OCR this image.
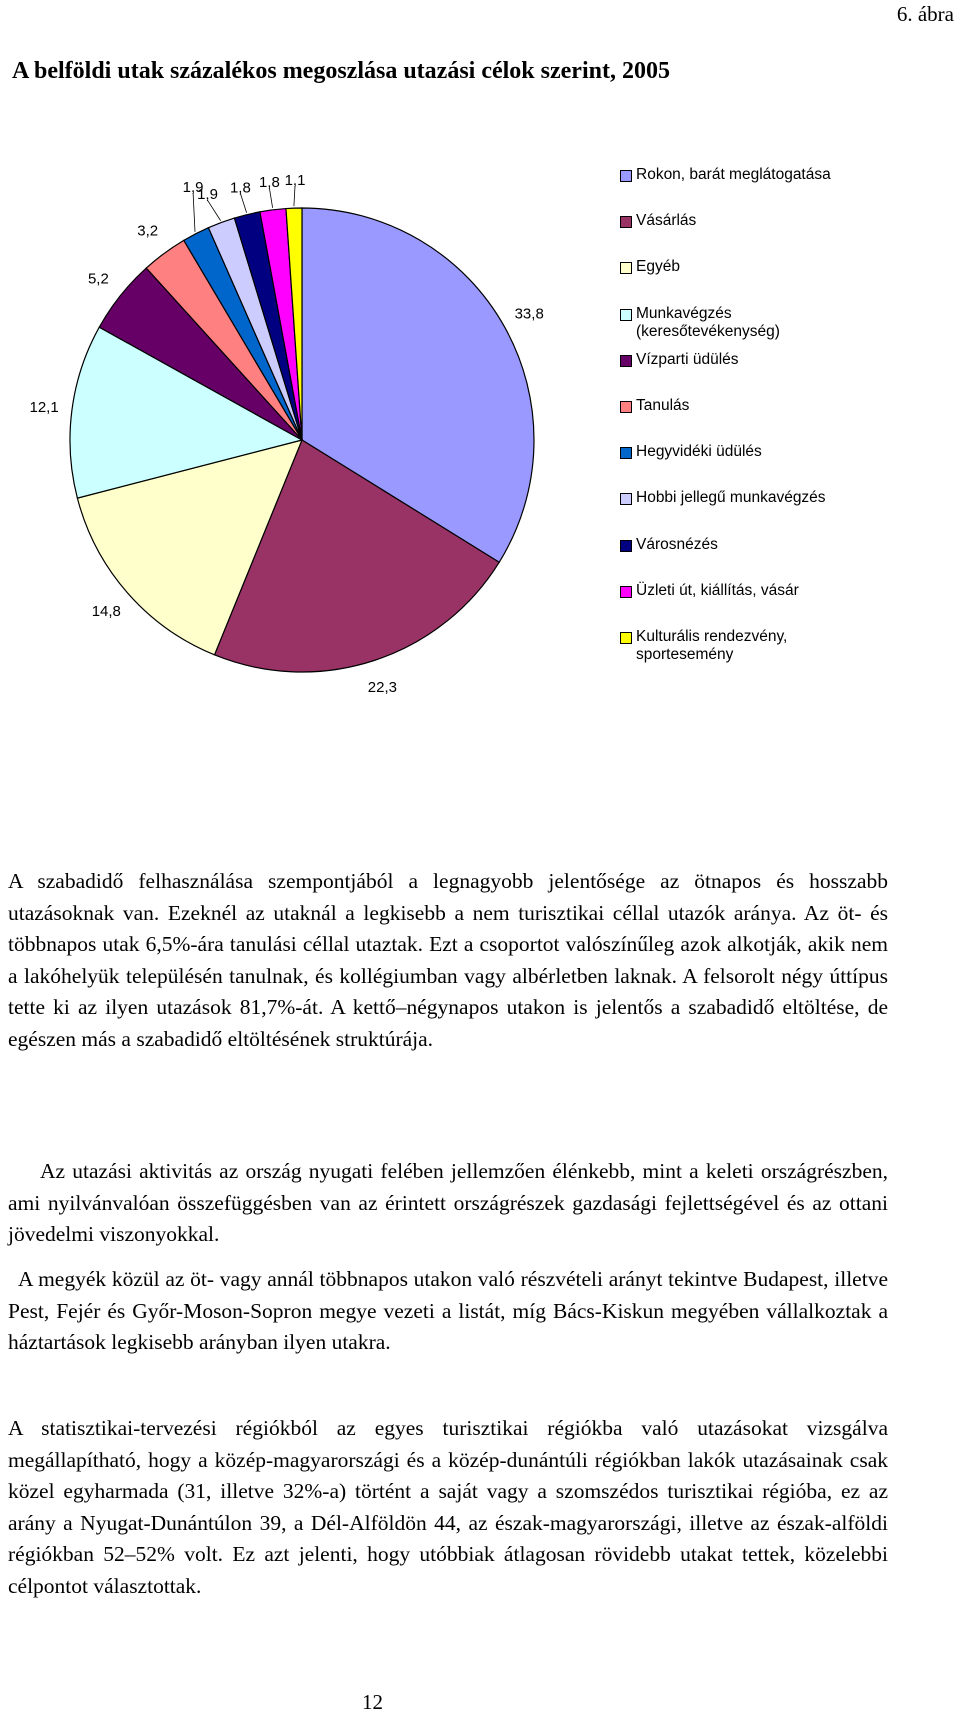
6. ábra
A belföldi utak százalékos megoszlása utazási célok szerint, 2005
33,8
22,3
14,8
12,1
5,2
3,2
1,9
1,9 1,8 1,8 1,1	Rokon, barát meglátogatása
Vásárlás
Egyéb
Munkavégzés
(keresőtevékenység)
Vízparti üdülés
Tanulás
Hegyvidéki üdülés
Hobbi jellegű munkavégzés
Városnézés
Üzleti út, kiállítás, vásár
Kulturális rendezvény,
sportesemény

A szabadidő felhasználása szempontjából a legnagyobb jelentősége az ötnapos és hosszabb utazásoknak van. Ezeknél az utaknál a legkisebb a nem turisztikai céllal utazók aránya. Az öt- és többnapos utak 6,5%-ára tanulási céllal utaztak. Ezt a csoportot valószínűleg azok alkotják, akik nem a lakóhelyük településén tanulnak, és kollégiumban vagy albérletben laknak. A felsorolt négy úttípus tette ki az ilyen utazások 81,7%-át. A kettő–négynapos utakon is jelentős a szabadidő eltöltése, de egészen más a szabadidő eltöltésének struktúrája.

Az utazási aktivitás az ország nyugati felében jellemzően élénkebb, mint a keleti országrészben, ami nyilvánvalóan összefüggésben van az érintett országrészek gazdasági fejlettségével és az ottani jövedelmi viszonyokkal.

A megyék közül az öt- vagy annál többnapos utakon való részvételi arányt tekintve Budapest, illetve Pest, Fejér és Győr-Moson-Sopron megye vezeti a listát, míg Bács-Kiskun megyében vállalkoztak a háztartások legkisebb arányban ilyen utakra.

A statisztikai-tervezési régiókból az egyes turisztikai régiókba való utazásokat vizsgálva megállapítható, hogy a közép-magyarországi és a közép-dunántúli régiókban lakók utazásainak csak közel egyharmada (31, illetve 32%-a) történt a saját vagy a szomszédos turisztikai régióba, ez az arány a Nyugat-Dunántúlon 39, a Dél-Alföldön 44, az észak-magyarországi, illetve az észak-alföldi régiókban 52–52% volt. Ez azt jelenti, hogy utóbbiak átlagosan rövidebb utakat tettek, közelebbi célpontot választottak.

12
